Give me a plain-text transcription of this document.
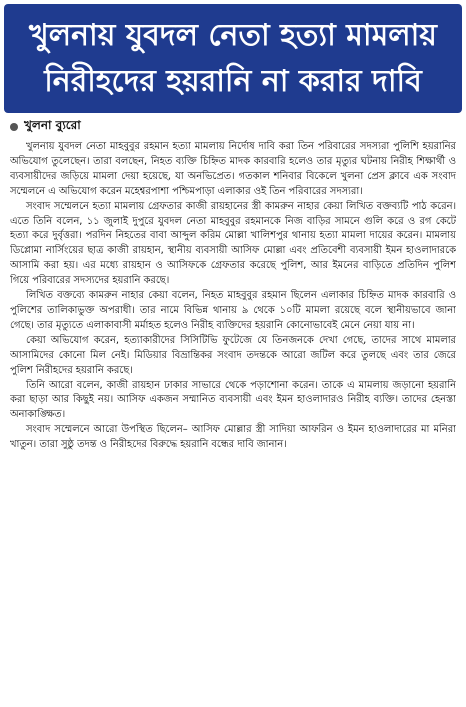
খুলনায় যুবদল নেতা হত্যা মামলায়
নিরীহদের হয়রানি না করার দাবি
খুলনা ব্যুরো

খুলনায় যুবদল নেতা মাহবুবুর রহমান হত্যা মামলায় নির্দোষ দাবি করা তিন পরিবারের সদস্যরা পুলিশি হয়রানির অভিযোগ তুলেছেন। তারা বলছেন, নিহত ব্যক্তি চিহ্নিত মাদক কারবারি হলেও তার মৃত্যুর ঘটনায় নিরীহ শিক্ষার্থী ও ব্যবসায়ীদের জড়িয়ে মামলা দেয়া হয়েছে, যা অনভিপ্রেত। গতকাল শনিবার বিকেলে খুলনা প্রেস ক্লাবে এক সংবাদ সম্মেলনে এ অভিযোগ করেন মহেশ্বরপাশা পশ্চিমপাড়া এলাকার ওই তিন পরিবারের সদস্যরা।

সংবাদ সম্মেলনে হত্যা মামলায় গ্রেফতার কাজী রায়হানের স্ত্রী কামরুন নাহার কেয়া লিখিত বক্তব্যটি পাঠ করেন। এতে তিনি বলেন, ১১ জুলাই দুপুরে যুবদল নেতা মাহবুবুর রহমানকে নিজ বাড়ির সামনে গুলি করে ও রগ কেটে হত্যা করে দুর্বৃত্তরা। পরদিন নিহতের বাবা আব্দুল করিম মোল্লা খালিশপুর থানায় হত্যা মামলা দায়ের করেন। মামলায় ডিপ্লোমা নার্সিংয়ের ছাত্র কাজী রায়হান, স্থানীয় ব্যবসায়ী আসিফ মোল্লা এবং প্রতিবেশী ব্যবসায়ী ইমন হাওলাদারকে আসামি করা হয়। এর মধ্যে রায়হান ও আসিফকে গ্রেফতার করেছে পুলিশ, আর ইমনের বাড়িতে প্রতিদিন পুলিশ গিয়ে পরিবারের সদস্যদের হয়রানি করছে।

লিখিত বক্তব্যে কামরুন নাহার কেয়া বলেন, নিহত মাহবুবুর রহমান ছিলেন এলাকার চিহ্নিত মাদক কারবারি ও পুলিশের তালিকাভুক্ত অপরাধী। তার নামে বিভিন্ন থানায় ৯ থেকে ১০টি মামলা রয়েছে বলে স্থানীয়ভাবে জানা গেছে। তার মৃত্যুতে এলাকাবাসী মর্মাহত হলেও নিরীহ ব্যক্তিদের হয়রানি কোনোভাবেই মেনে নেয়া যায় না।

কেয়া অভিযোগ করেন, হত্যাকারীদের সিসিটিভি ফুটেজে যে তিনজনকে দেখা গেছে, তাদের সাথে মামলার আসামিদের কোনো মিল নেই। মিডিয়ার বিভ্রান্তিকর সংবাদ তদন্তকে আরো জটিল করে তুলছে এবং তার জেরে পুলিশ নিরীহদের হয়রানি করছে।

তিনি আরো বলেন, কাজী রায়হান ঢাকার সাভারে থেকে পড়াশোনা করেন। তাকে এ মামলায় জড়ানো হয়রানি করা ছাড়া আর কিছুই নয়। আসিফ একজন সম্মানিত ব্যবসায়ী এবং ইমন হাওলাদারও নিরীহ ব্যক্তি। তাদের হেনস্তা অনাকাঙ্ক্ষিত।

সংবাদ সম্মেলনে আরো উপস্থিত ছিলেন– আসিফ মোল্লার স্ত্রী সাদিয়া আফরিন ও ইমন হাওলাদারের মা মনিরা খাতুন। তারা সুষ্ঠু তদন্ত ও নিরীহদের বিরুদ্ধে হয়রানি বন্ধের দাবি জানান।
